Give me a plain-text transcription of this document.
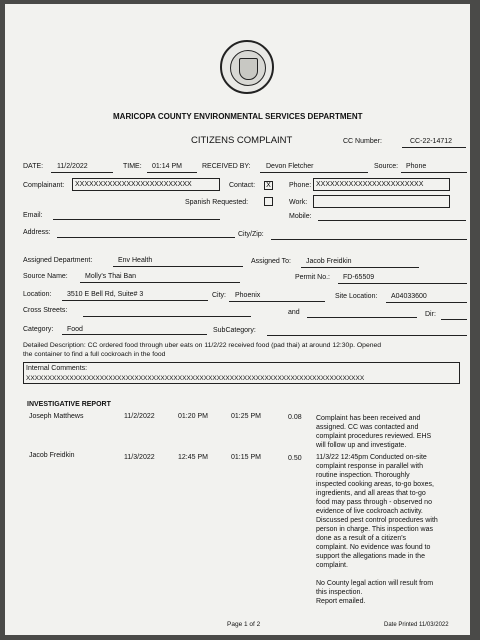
MARICOPA COUNTY ENVIRONMENTAL SERVICES DEPARTMENT
CITIZENS COMPLAINT	CC Number:	CC-22-14712
DATE: 11/2/2022	TIME: 01:14 PM	RECEIVED BY: Devon Fletcher	Source: Phone
Complainant: XXXXXXXXXXXXXXXXXXXXXXXXX	Contact:	X	Phone: XXXXXXXXXXXXXXXXXXXXXXX
Spanish Requested:	Work:
Email:	Mobile:
Address:	City/Zip:
Assigned Department:	Env Health	Assigned To: Jacob Freidkin
Source Name: Molly's Thai Ban	Permit No.: FD-65509
Location: 3510 E Bell Rd, Suite# 3	City: Phoenix	Site Location: A04033600
Cross Streets:	and	Dir:
Category: Food	SubCategory:
Detailed Description: CC ordered food through uber eats on 11/2/22 received food (pad thai) at around 12:30p. Opened
the container to find a full cockroach in the food
Internal Comments:
XXXXXXXXXXXXXXXXXXXXXXXXXXXXXXXXXXXXXXXXXXXXXXXXXXXXXXXXXXXXXXXXXXXXXXXXXXXXXX
INVESTIGATIVE REPORT
Joseph Matthews	11/2/2022	01:20 PM	01:25 PM	0.08 Complaint has been received and
assigned. CC was contacted and
complaint procedures reviewed. EHS
will follow up and investigate.
Jacob Freidkin	11/3/2022	12:45 PM	01:15 PM	0.50 11/3/22 12:45pm Conducted on-site
complaint response in parallel with
routine inspection. Thoroughly
inspected cooking areas, to-go boxes,
ingredients, and all areas that to-go
food may pass through - observed no
evidence of live cockroach activity.
Discussed pest control procedures with
person in charge. This inspection was
done as a result of a citizen's
complaint. No evidence was found to
support the allegations made in the
complaint.
No County legal action will result from
this inspection.
Report emailed.
Page 1 of 2	Date Printed 11/03/2022
